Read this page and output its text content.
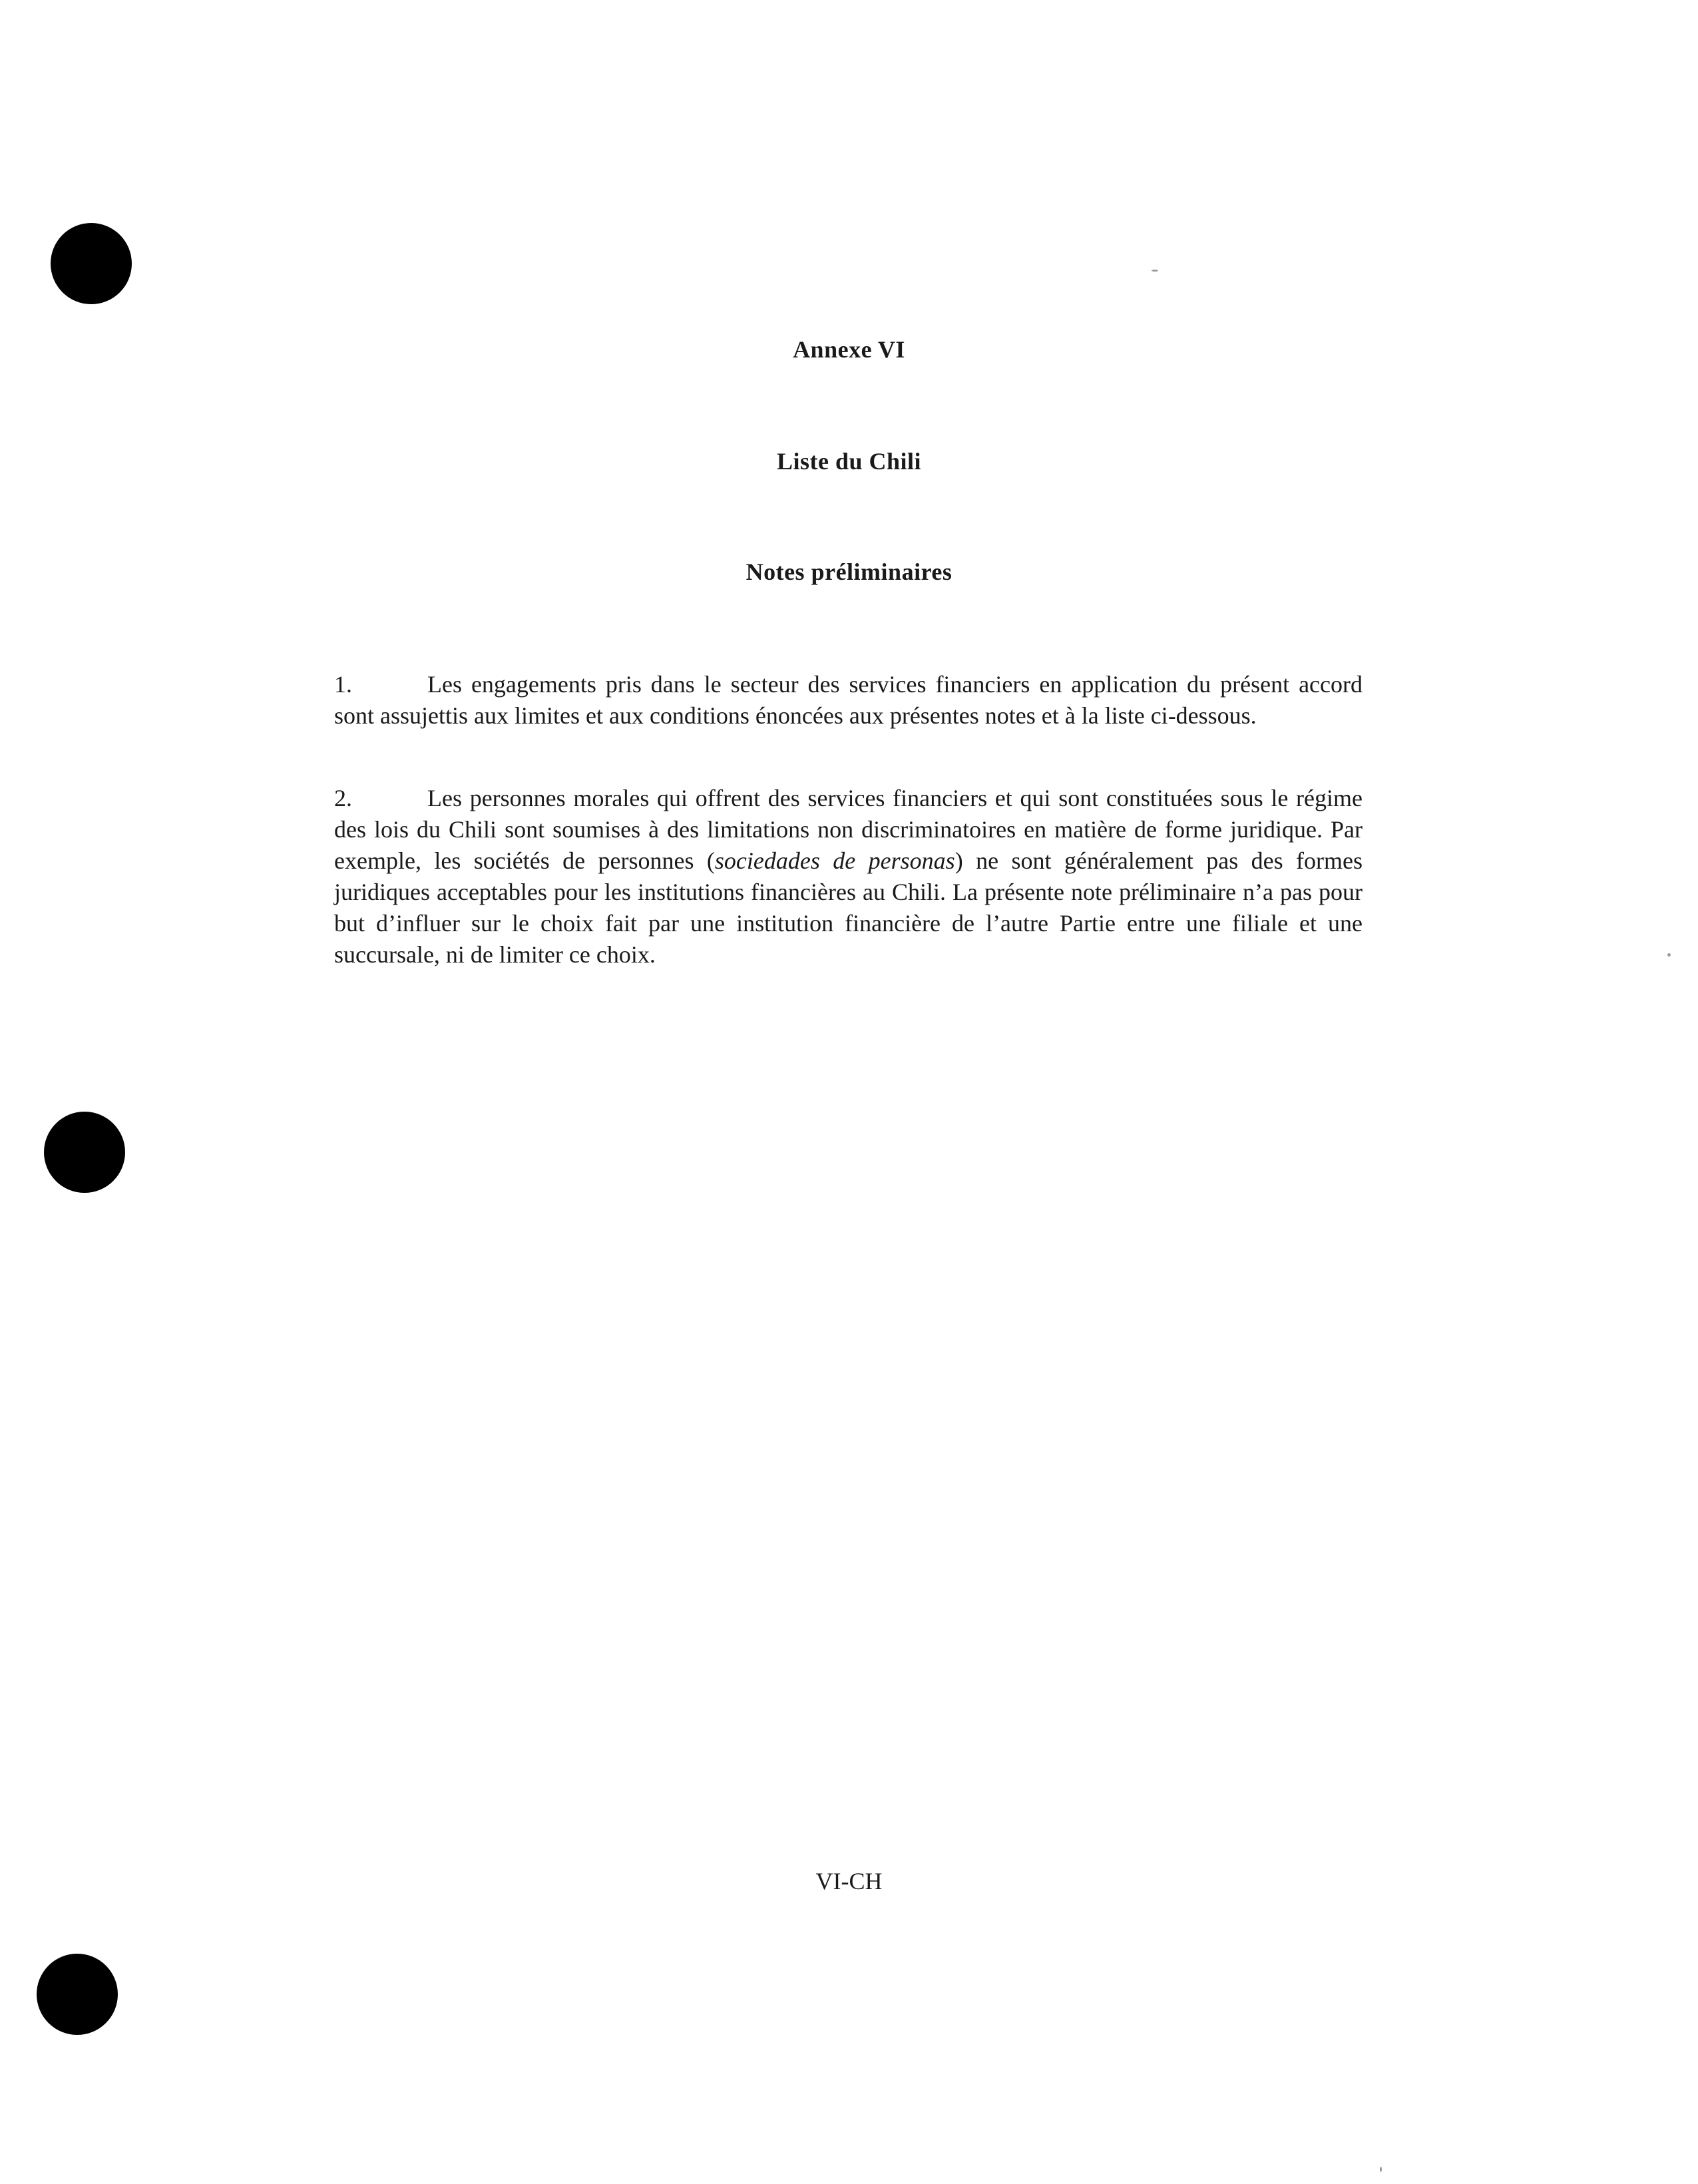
Annexe VI
Liste du Chili
Notes préliminaires
1.	Les engagements pris dans le secteur des services financiers en application du présent accord sont assujettis aux limites et aux conditions énoncées aux présentes notes et à la liste ci-dessous.
2.	Les personnes morales qui offrent des services financiers et qui sont constituées sous le régime des lois du Chili sont soumises à des limitations non discriminatoires en matière de forme juridique. Par exemple, les sociétés de personnes (sociedades de personas) ne sont généralement pas des formes juridiques acceptables pour les institutions financières au Chili. La présente note préliminaire n’a pas pour but d’influer sur le choix fait par une institution financière de l’autre Partie entre une filiale et une succursale, ni de limiter ce choix.
VI-CH
